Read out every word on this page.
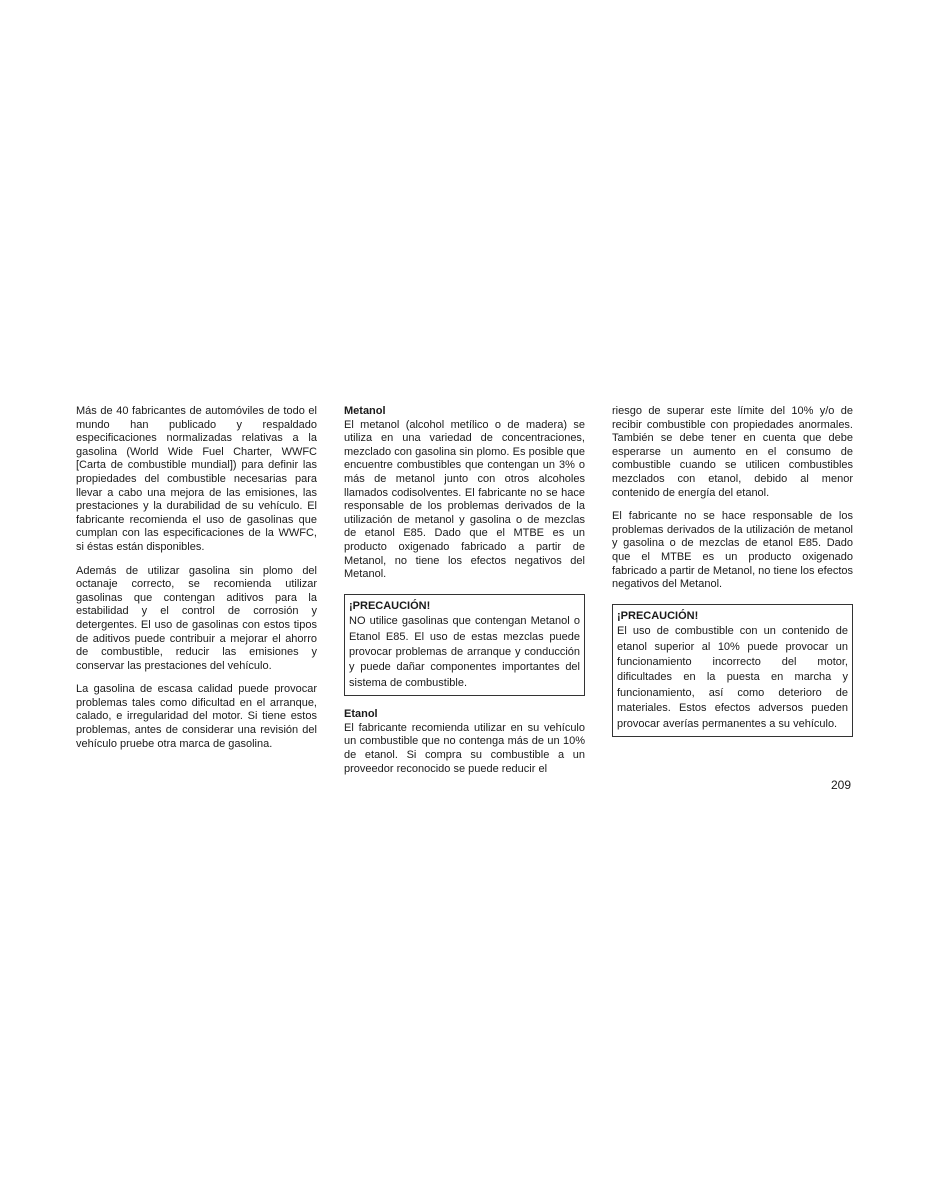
Más de 40 fabricantes de automóviles de todo el mundo han publicado y respaldado especificaciones normalizadas relativas a la gasolina (World Wide Fuel Charter, WWFC [Carta de combustible mundial]) para definir las propiedades del combustible necesarias para llevar a cabo una mejora de las emisiones, las prestaciones y la durabilidad de su vehículo. El fabricante recomienda el uso de gasolinas que cumplan con las especificaciones de la WWFC, si éstas están disponibles.

Además de utilizar gasolina sin plomo del octanaje correcto, se recomienda utilizar gasolinas que contengan aditivos para la estabilidad y el control de corrosión y detergentes. El uso de gasolinas con estos tipos de aditivos puede contribuir a mejorar el ahorro de combustible, reducir las emisiones y conservar las prestaciones del vehículo.

La gasolina de escasa calidad puede provocar problemas tales como dificultad en el arranque, calado, e irregularidad del motor. Si tiene estos problemas, antes de considerar una revisión del vehículo pruebe otra marca de gasolina.

Metanol
El metanol (alcohol metílico o de madera) se utiliza en una variedad de concentraciones, mezclado con gasolina sin plomo. Es posible que encuentre combustibles que contengan un 3% o más de metanol junto con otros alcoholes llamados codisolventes. El fabricante no se hace responsable de los problemas derivados de la utilización de metanol y gasolina o de mezclas de etanol E85. Dado que el MTBE es un producto oxigenado fabricado a partir de Metanol, no tiene los efectos negativos del Metanol.

¡PRECAUCIÓN!
NO utilice gasolinas que contengan Metanol o Etanol E85. El uso de estas mezclas puede provocar problemas de arranque y conducción y puede dañar componentes importantes del sistema de combustible.

Etanol
El fabricante recomienda utilizar en su vehículo un combustible que no contenga más de un 10% de etanol. Si compra su combustible a un proveedor reconocido se puede reducir el

riesgo de superar este límite del 10% y/o de recibir combustible con propiedades anormales. También se debe tener en cuenta que debe esperarse un aumento en el consumo de combustible cuando se utilicen combustibles mezclados con etanol, debido al menor contenido de energía del etanol.

El fabricante no se hace responsable de los problemas derivados de la utilización de metanol y gasolina o de mezclas de etanol E85. Dado que el MTBE es un producto oxigenado fabricado a partir de Metanol, no tiene los efectos negativos del Metanol.

¡PRECAUCIÓN!
El uso de combustible con un contenido de etanol superior al 10% puede provocar un funcionamiento incorrecto del motor, dificultades en la puesta en marcha y funcionamiento, así como deterioro de materiales. Estos efectos adversos pueden provocar averías permanentes a su vehículo.
209
